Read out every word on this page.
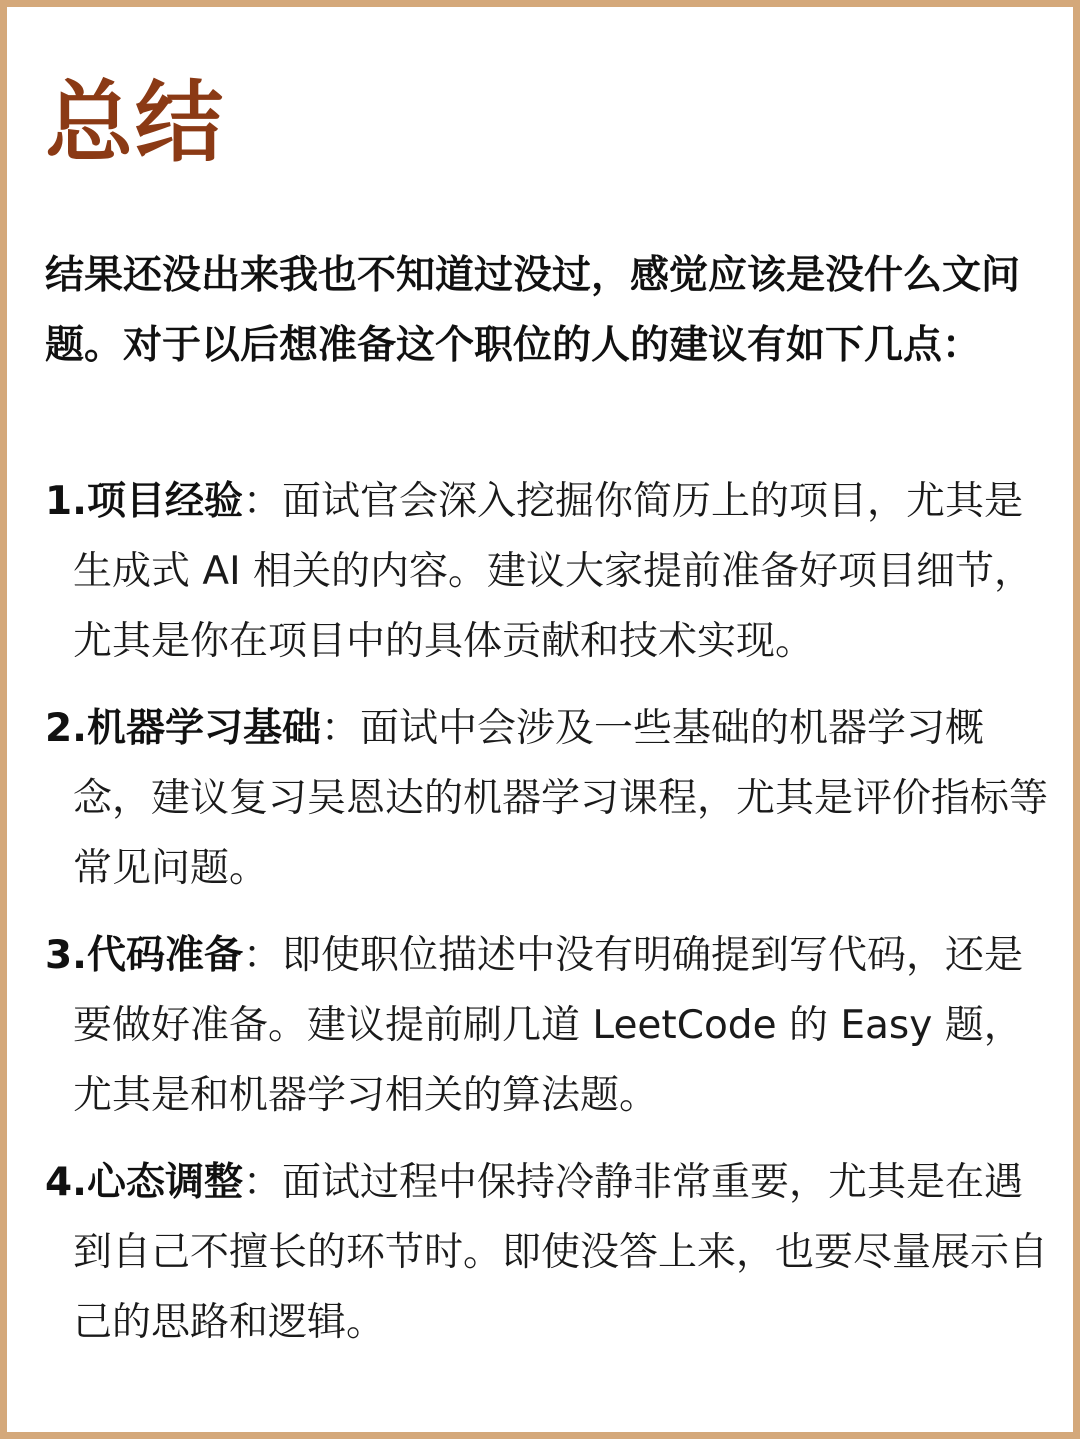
总结

结果还没出来我也不知道过没过，感觉应该是没什么文问题。对于以后想准备这个职位的人的建议有如下几点：

1.项目经验：面试官会深入挖掘你简历上的项目，尤其是生成式 AI 相关的内容。建议大家提前准备好项目细节，尤其是你在项目中的具体贡献和技术实现。
2.机器学习基础：面试中会涉及一些基础的机器学习概念，建议复习吴恩达的机器学习课程，尤其是评价指标等常见问题。
3.代码准备：即使职位描述中没有明确提到写代码，还是要做好准备。建议提前刷几道 LeetCode 的 Easy 题，尤其是和机器学习相关的算法题。
4.心态调整：面试过程中保持冷静非常重要，尤其是在遇到自己不擅长的环节时。即使没答上来，也要尽量展示自己的思路和逻辑。
